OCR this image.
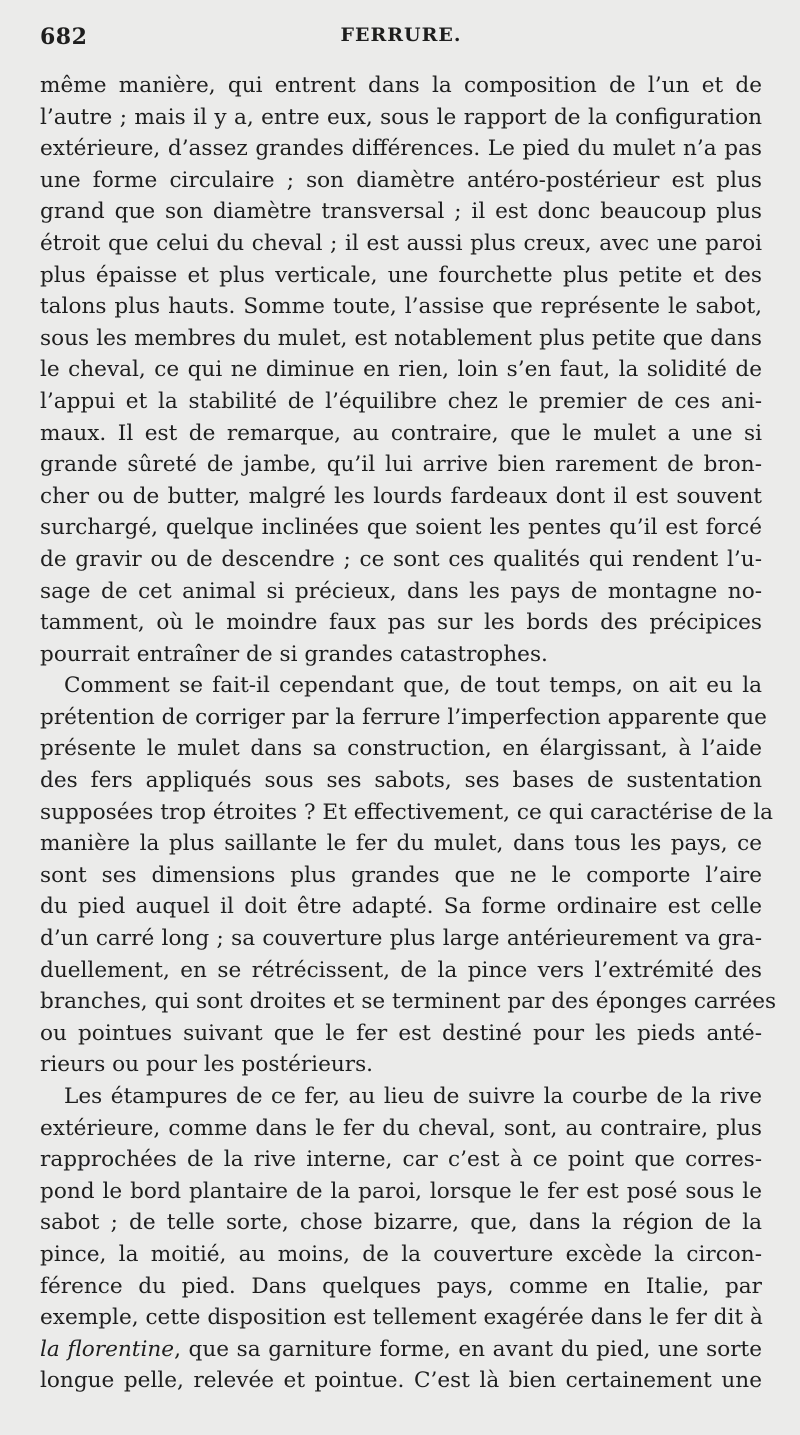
682	FERRURE.
même manière, qui entrent dans la composition de l’un et de
l’autre ; mais il y a, entre eux, sous le rapport de la configuration
extérieure, d’assez grandes différences. Le pied du mulet n’a pas
une forme circulaire ; son diamètre antéro-postérieur est plus
grand que son diamètre transversal ; il est donc beaucoup plus
étroit que celui du cheval ; il est aussi plus creux, avec une paroi
plus épaisse et plus verticale, une fourchette plus petite et des
talons plus hauts. Somme toute, l’assise que représente le sabot,
sous les membres du mulet, est notablement plus petite que dans
le cheval, ce qui ne diminue en rien, loin s’en faut, la solidité de
l’appui et la stabilité de l’équilibre chez le premier de ces ani-
maux. Il est de remarque, au contraire, que le mulet a une si
grande sûreté de jambe, qu’il lui arrive bien rarement de bron-
cher ou de butter, malgré les lourds fardeaux dont il est souvent
surchargé, quelque inclinées que soient les pentes qu’il est forcé
de gravir ou de descendre ; ce sont ces qualités qui rendent l’u-
sage de cet animal si précieux, dans les pays de montagne no-
tamment, où le moindre faux pas sur les bords des précipices
pourrait entraîner de si grandes catastrophes.
Comment se fait-il cependant que, de tout temps, on ait eu la
prétention de corriger par la ferrure l’imperfection apparente que
présente le mulet dans sa construction, en élargissant, à l’aide
des fers appliqués sous ses sabots, ses bases de sustentation
supposées trop étroites ? Et effectivement, ce qui caractérise de la
manière la plus saillante le fer du mulet, dans tous les pays, ce
sont ses dimensions plus grandes que ne le comporte l’aire
du pied auquel il doit être adapté. Sa forme ordinaire est celle
d’un carré long ; sa couverture plus large antérieurement va gra-
duellement, en se rétrécissent, de la pince vers l’extrémité des
branches, qui sont droites et se terminent par des éponges carrées
ou pointues suivant que le fer est destiné pour les pieds anté-
rieurs ou pour les postérieurs.
Les étampures de ce fer, au lieu de suivre la courbe de la rive
extérieure, comme dans le fer du cheval, sont, au contraire, plus
rapprochées de la rive interne, car c’est à ce point que corres-
pond le bord plantaire de la paroi, lorsque le fer est posé sous le
sabot ; de telle sorte, chose bizarre, que, dans la région de la
pince, la moitié, au moins, de la couverture excède la circon-
férence du pied. Dans quelques pays, comme en Italie, par
exemple, cette disposition est tellement exagérée dans le fer dit à
la florentine, que sa garniture forme, en avant du pied, une sorte
longue pelle, relevée et pointue. C’est là bien certainement une
